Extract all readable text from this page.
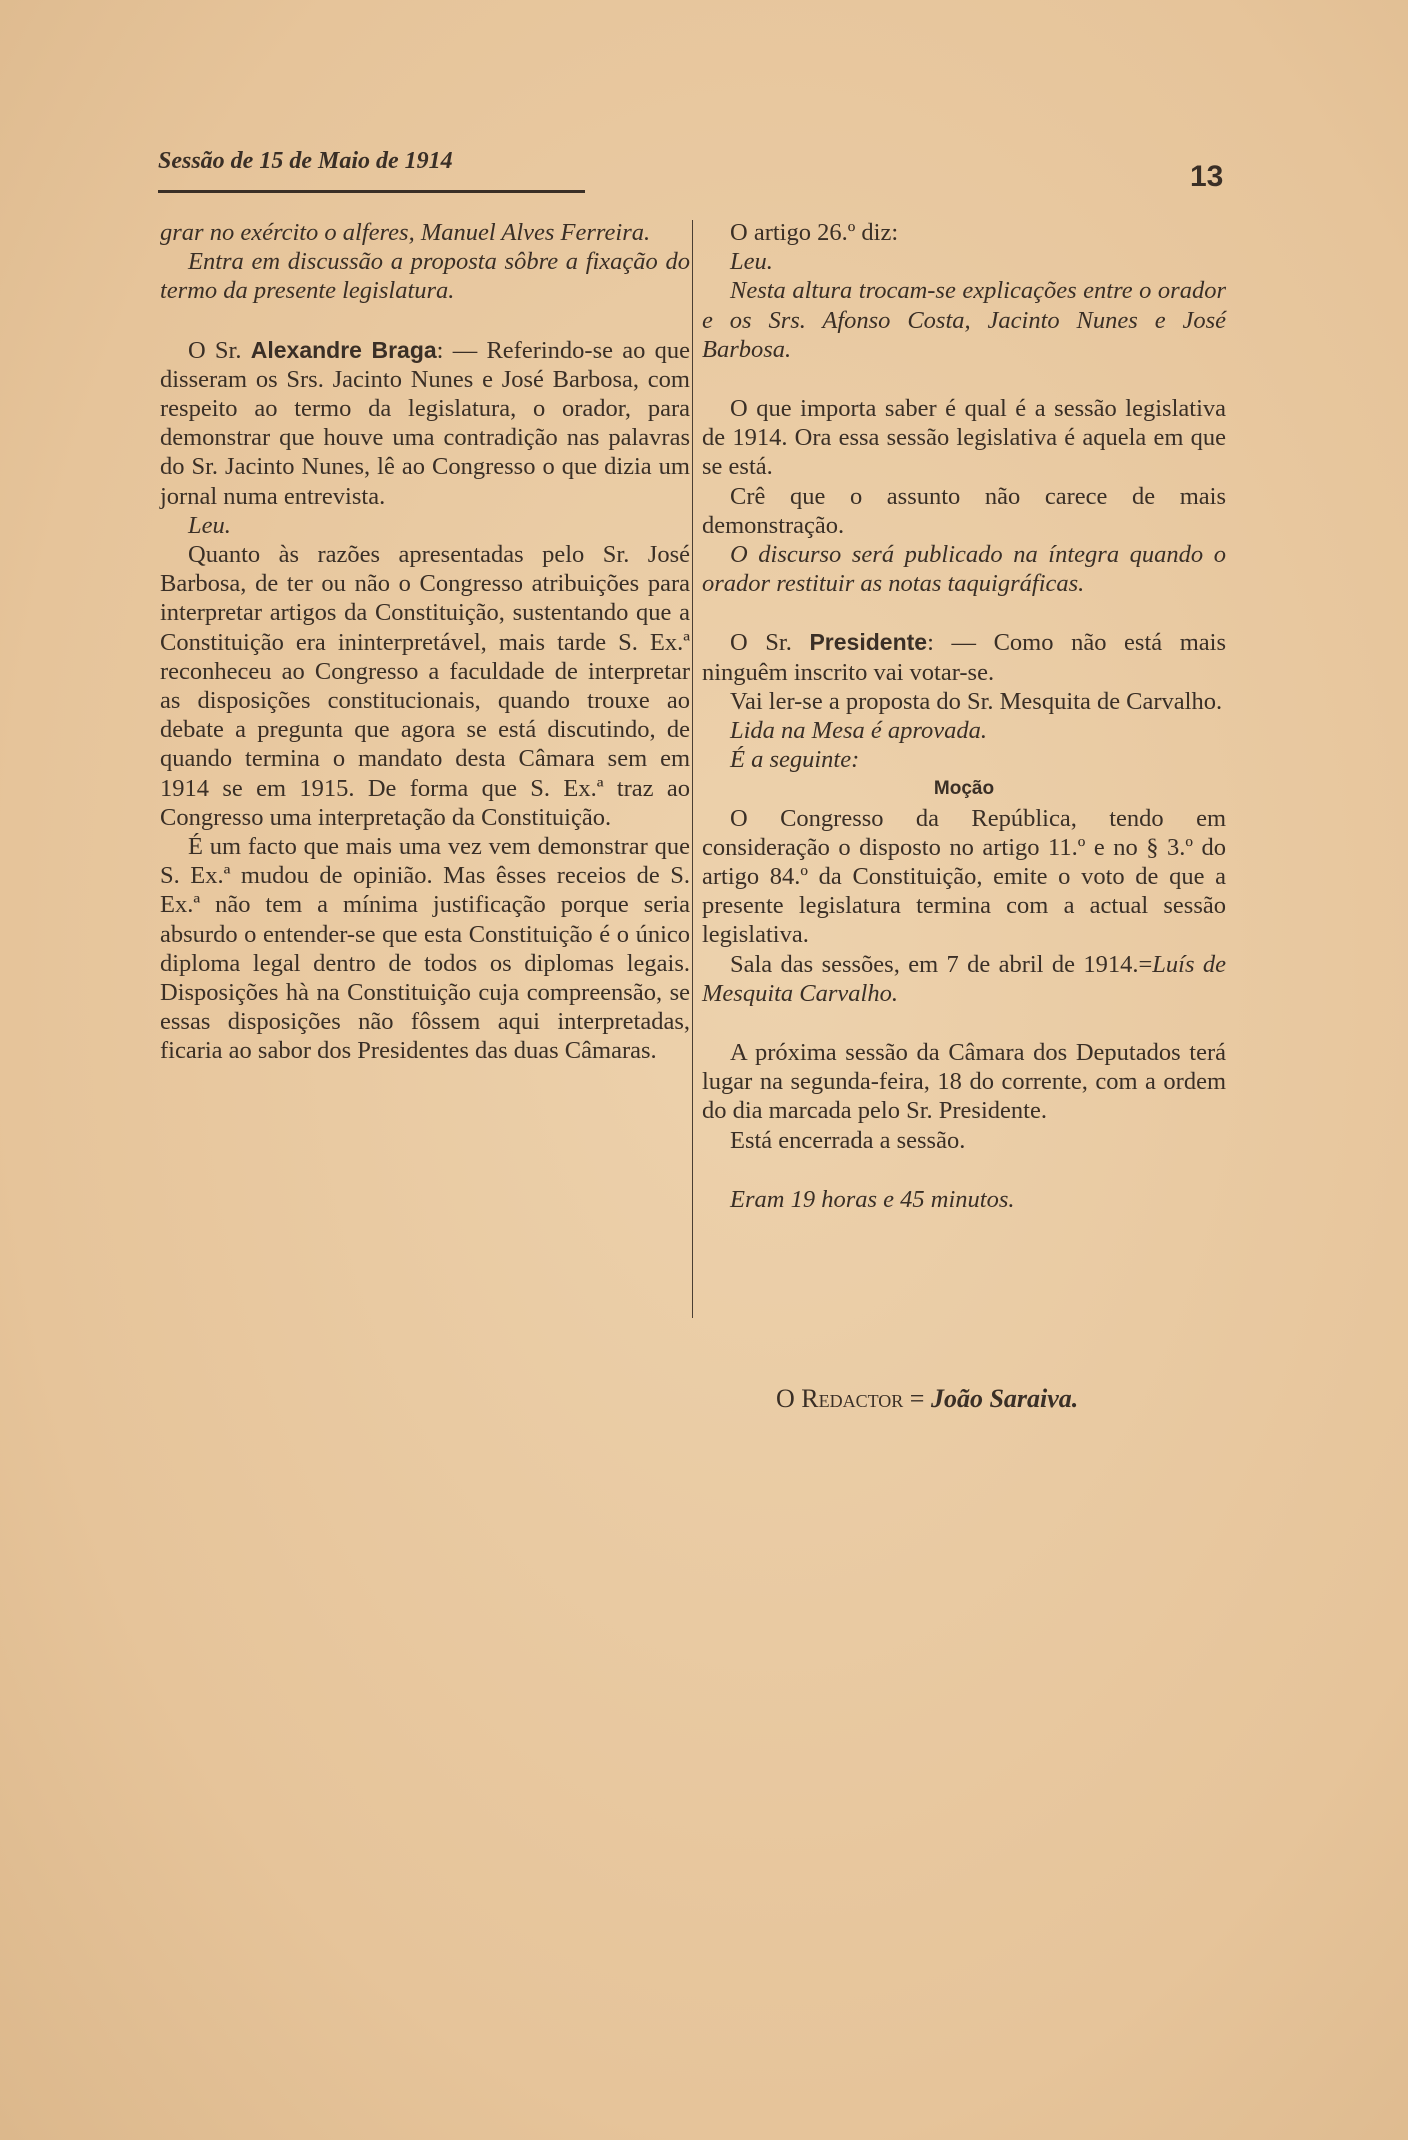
Sessão de 15 de Maio de 1914	13

grar no exército o alferes, Manuel Alves Ferreira.

Entra em discussão a proposta sôbre a fixação do termo da presente legislatura.

O Sr. Alexandre Braga: — Referindo-se ao que disseram os Srs. Jacinto Nunes e José Barbosa, com respeito ao termo da legislatura, o orador, para demonstrar que houve uma contradição nas palavras do Sr. Jacinto Nunes, lê ao Congresso o que dizia um jornal numa entrevista.

Leu.

Quanto às razões apresentadas pelo Sr. José Barbosa, de ter ou não o Congresso atribuições para interpretar artigos da Constituição, sustentando que a Constituição era ininterpretável, mais tarde S. Ex.ª reconheceu ao Congresso a faculdade de interpretar as disposições constitucionais, quando trouxe ao debate a pregunta que agora se está discutindo, de quando termina o mandato desta Câmara sem em 1914 se em 1915. De forma que S. Ex.ª traz ao Congresso uma interpretação da Constituição.

É um facto que mais uma vez vem demonstrar que S. Ex.ª mudou de opinião. Mas êsses receios de S. Ex.ª não tem a mínima justificação porque seria absurdo o entender-se que esta Constituição é o único diploma legal dentro de todos os diplomas legais. Disposições hà na Constituição cuja compreensão, se essas disposições não fôssem aqui interpretadas, ficaria ao sabor dos Presidentes das duas Câmaras.

O artigo 26.º diz:

Leu.

Nesta altura trocam-se explicações entre o orador e os Srs. Afonso Costa, Jacinto Nunes e José Barbosa.

O que importa saber é qual é a sessão legislativa de 1914. Ora essa sessão legislativa é aquela em que se está.

Crê que o assunto não carece de mais demonstração.

O discurso será publicado na íntegra quando o orador restituir as notas taquigráficas.

O Sr. Presidente: — Como não está mais ninguêm inscrito vai votar-se.

Vai ler-se a proposta do Sr. Mesquita de Carvalho.

Lida na Mesa é aprovada.

É a seguinte:

Moção

O Congresso da República, tendo em consideração o disposto no artigo 11.º e no § 3.º do artigo 84.º da Constituição, emite o voto de que a presente legislatura termina com a actual sessão legislativa.

Sala das sessões, em 7 de abril de 1914.=Luís de Mesquita Carvalho.

A próxima sessão da Câmara dos Deputados terá lugar na segunda-feira, 18 do corrente, com a ordem do dia marcada pelo Sr. Presidente.

Está encerrada a sessão.

Eram 19 horas e 45 minutos.

O Redactor = João Saraiva.
